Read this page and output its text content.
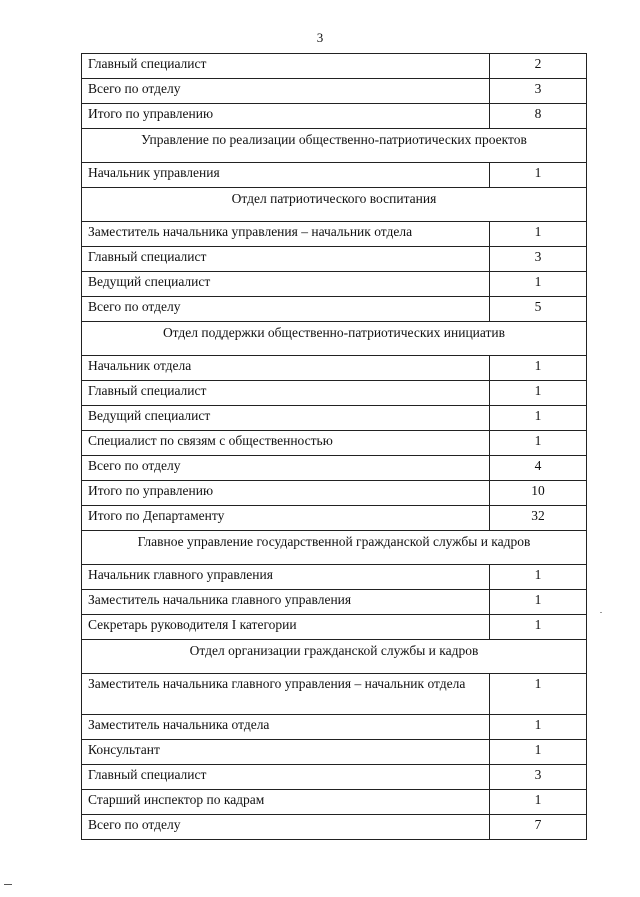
3
Главный специалист	2
Всего по отделу	3
Итого по управлению	8
Управление по реализации общественно-патриотических проектов	
Начальник управления	1
Отдел патриотического воспитания	
Заместитель начальника управления – начальник отдела	1
Главный специалист	3
Ведущий специалист	1
Всего по отделу	5
Отдел поддержки общественно-патриотических инициатив	
Начальник отдела	1
Главный специалист	1
Ведущий специалист	1
Специалист по связям с общественностью	1
Всего по отделу	4
Итого по управлению	10
Итого по Департаменту	32
Главное управление государственной гражданской службы и кадров	
Начальник главного управления	1
Заместитель начальника главного управления	1
Секретарь руководителя I категории	1
Отдел организации гражданской службы и кадров	
Заместитель начальника главного управления – начальник отдела	1
Заместитель начальника отдела	1
Консультант	1
Главный специалист	3
Старший инспектор по кадрам	1
Всего по отделу	7
